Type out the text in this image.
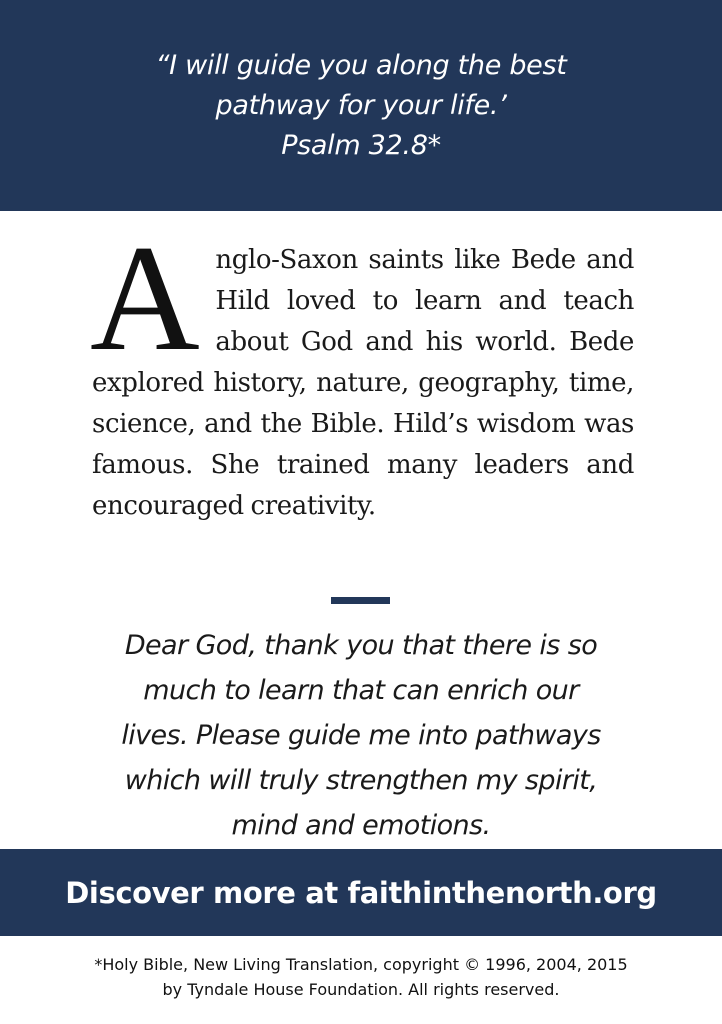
“I will guide you along the best
pathway for your life.’
Psalm 32.8*
A nglo-Saxon saints like Bede and Hild loved to learn and teach about God and his world. Bede explored history, nature, geography, time, science, and the Bible. Hild’s wisdom was famous. She trained many leaders and encouraged creativity.
Dear God, thank you that there is so
much to learn that can enrich our
lives. Please guide me into pathways
which will truly strengthen my spirit,
mind and emotions.
Discover more at faithinthenorth.org
*Holy Bible, New Living Translation, copyright © 1996, 2004, 2015
by Tyndale House Foundation. All rights reserved.
